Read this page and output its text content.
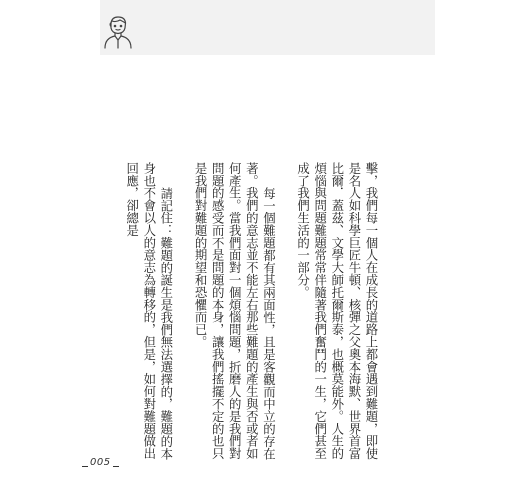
擊，我們每一個人在成長的道路上都會遇到難題，即使是名人如科學巨匠牛頓、核彈之父奧本海默、世界首富比爾．蓋茲、文學大師托爾斯泰，也概莫能外。人生的煩惱與問題難題常常伴隨著我們奮鬥的一生，它們甚至成了我們生活的一部分。

每一個難題都有其兩面性，且是客觀而中立的存在著。我們的意志並不能左右那些難題的產生與否或者如何產生。當我們面對一個煩惱問題，折磨人的是我們對問題的感受而不是問題的本身，讓我們搖擺不定的也只是我們對難題的期望和恐懼而已。

請記住：難題的誕生是我們無法選擇的，難題的本身也不會以人的意志為轉移的，但是，如何對難題做出回應，卻總是

005
